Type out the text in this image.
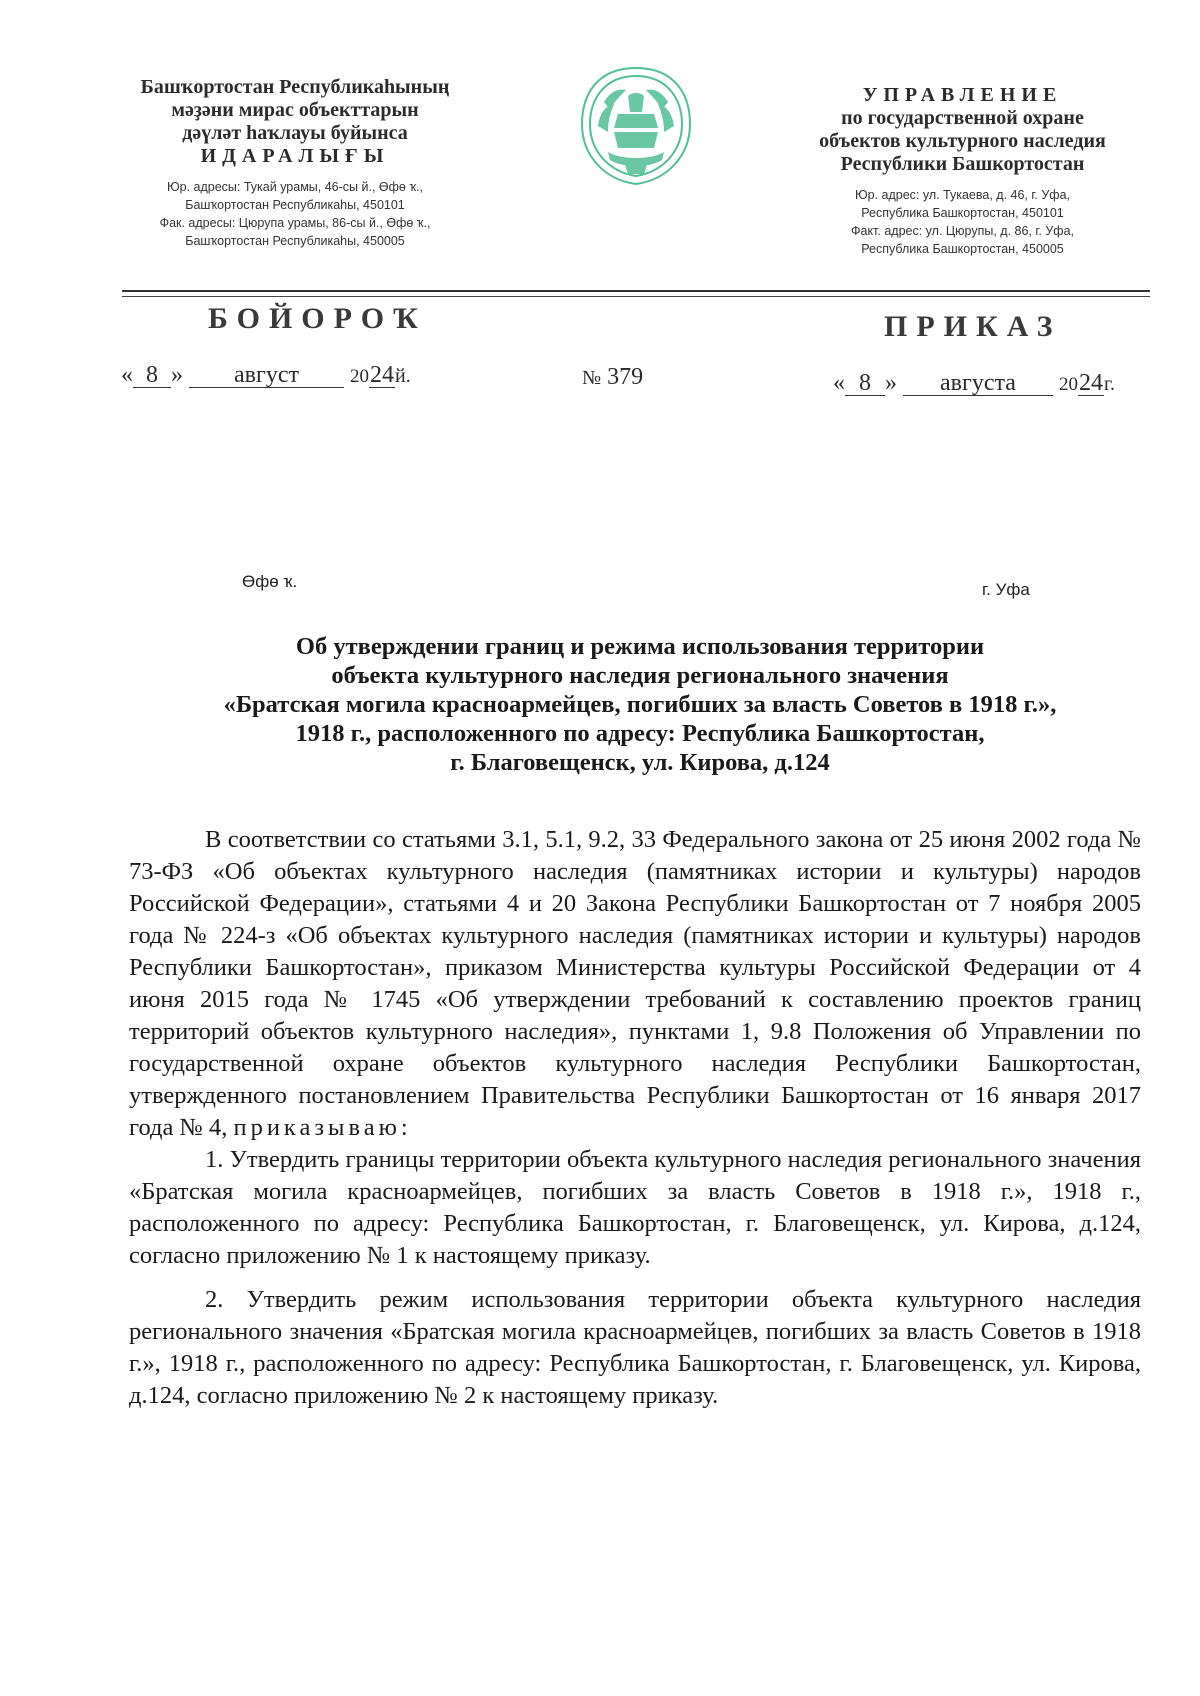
Башҡортостан Республикаһының
мәҙәни мирас объекттарын
дәүләт һаҡлауы буйынса
ИДАРАЛЫҒЫ
Юр. адресы: Тукай урамы, 46-сы й., Өфө ҡ.,
Башҡортостан Республикаһы, 450101
Фак. адресы: Цюрупа урамы, 86-сы й., Өфө ҡ.,
Башҡортостан Республикаһы, 450005
УПРАВЛЕНИЕ
по государственной охране
объектов культурного наследия
Республики Башкортостан
Юр. адрес: ул. Тукаева, д. 46, г. Уфа,
Республика Башкортостан, 450101
Факт. адрес: ул. Цюрупы, д. 86, г. Уфа,
Республика Башкортостан, 450005
БОЙОРОҠ	ПРИКАЗ
« 8 » август	2024й.	№ 379	« 8 » августа 2024г.
Өфө ҡ.	г. Уфа
Об утверждении границ и режима использования территории
объекта культурного наследия регионального значения
«Братская могила красноармейцев, погибших за власть Советов в 1918 г.»,
1918 г., расположенного по адресу: Республика Башкортостан,
г. Благовещенск, ул. Кирова, д.124

В соответствии со статьями 3.1, 5.1, 9.2, 33 Федерального закона от 25 июня 2002 года № 73-ФЗ «Об объектах культурного наследия (памятниках истории и культуры) народов Российской Федерации», статьями 4 и 20 Закона Республики Башкортостан от 7 ноября 2005 года № 224-з «Об объектах культурного наследия (памятниках истории и культуры) народов Республики Башкортостан», приказом Министерства культуры Российской Федерации от 4 июня 2015 года № 1745 «Об утверждении требований к составлению проектов границ территорий объектов культурного наследия», пунктами 1, 9.8 Положения об Управлении по государственной охране объектов культурного наследия Республики Башкортостан, утвержденного постановлением Правительства Республики Башкортостан от 16 января 2017 года № 4, приказываю:

1. Утвердить границы территории объекта культурного наследия регионального значения «Братская могила красноармейцев, погибших за власть Советов в 1918 г.», 1918 г., расположенного по адресу: Республика Башкортостан, г. Благовещенск, ул. Кирова, д.124, согласно приложению № 1 к настоящему приказу.

2. Утвердить режим использования территории объекта культурного наследия регионального значения «Братская могила красноармейцев, погибших за власть Советов в 1918 г.», 1918 г., расположенного по адресу: Республика Башкортостан, г. Благовещенск, ул. Кирова, д.124, согласно приложению № 2 к настоящему приказу.
